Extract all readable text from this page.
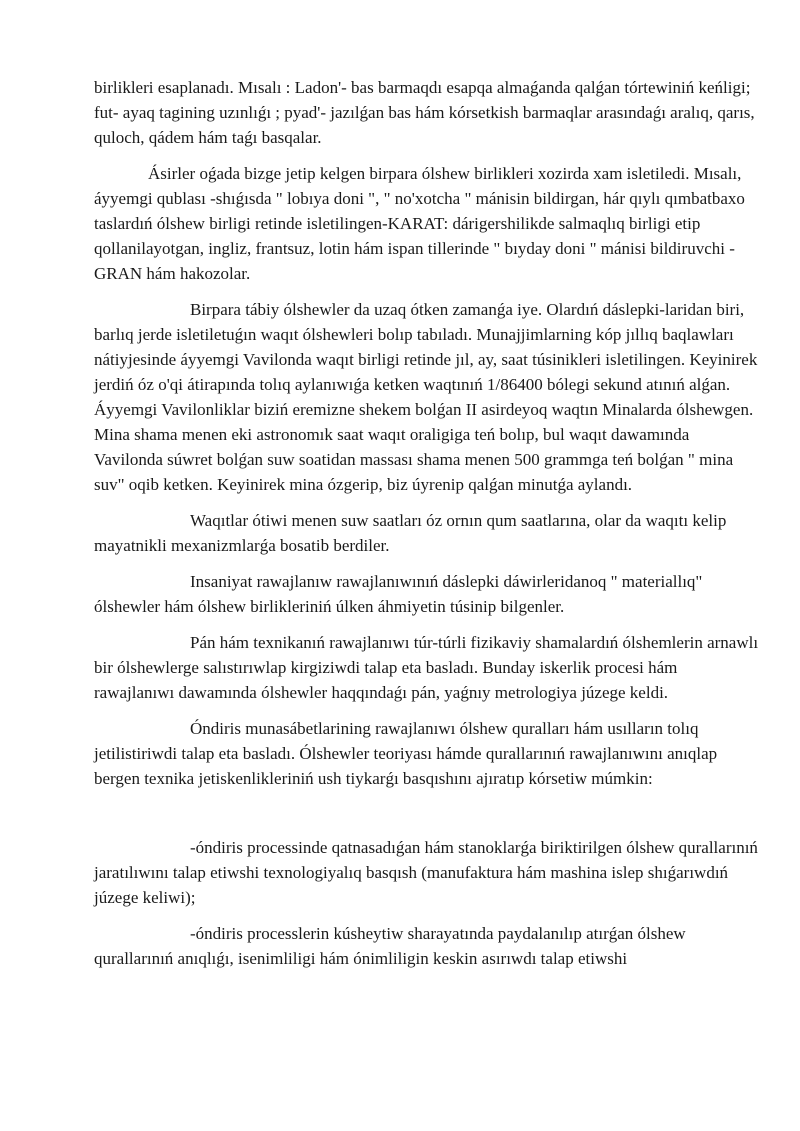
birlikleri esaplanadı. Mısalı : Ladon'- bas barmaqdı esapqa almaǵanda qalǵan tórtewiniń keńligi; fut- ayaq tagining uzınlıǵı ; pyad'- jazılǵan bas hám kórsetkish barmaqlar arasındaǵı aralıq, qarıs, quloch, qádem hám taǵı basqalar.

Ásirler oǵada bizge jetip kelgen birpara ólshew birlikleri xozirda xam isletiledi. Mısalı, áyyemgi qublası -shıǵısda " lobıya doni ", " no'xotcha " mánisin bildirgan, hár qıylı qımbatbaxo taslardıń ólshew birligi retinde isletilingen-KARAT: dárigershilikde salmaqlıq birligi etip qollanilayotgan, ingliz, frantsuz, lotin hám ispan tillerinde " bıyday doni " mánisi bildiruvchi -GRAN hám hakozolar.

Birpara tábiy ólshewler da uzaq ótken zamanǵa iye. Olardıń dáslepki-laridan biri, barlıq jerde isletiletuǵın waqıt ólshewleri bolıp tabıladı. Munajjimlarning kóp jıllıq baqlawları nátiyjesinde áyyemgi Vavilonda waqıt birligi retinde jıl, ay, saat túsinikleri isletilingen. Keyinirek jerdiń óz o'qi átirapında tolıq aylanıwıǵa ketken waqtınıń 1/86400 bólegi sekund atınıń alǵan. Áyyemgi Vavilonliklar biziń eremizne shekem bolǵan II asirdeyoq waqtın Minalarda ólshewgen. Mina shama menen eki astronomık saat waqıt oraligiga teń bolıp, bul waqıt dawamında Vavilonda súwret bolǵan suw soatidan massası shama menen 500 grammga teń bolǵan " mina suv" oqib ketken. Keyinirek mina ózgerip, biz úyrenip qalǵan minutǵa aylandı.

Waqıtlar ótiwi menen suw saatları óz ornın qum saatlarına, olar da waqıtı kelip mayatnikli mexanizmlarǵa bosatib berdiler.

Insaniyat rawajlanıw rawajlanıwınıń dáslepki dáwirleridanoq " materiallıq" ólshewler hám ólshew birlikleriniń úlken áhmiyetin túsinip bilgenler.

Pán hám texnikanıń rawajlanıwı túr-túrli fizikaviy shamalardıń ólshemlerin arnawlı bir ólshewlerge salıstırıwlap kirgiziwdi talap eta basladı. Bunday iskerlik procesi hám rawajlanıwı dawamında ólshewler haqqındaǵı pán, yaǵnıy metrologiya júzege keldi.

Óndiris munasábetlarining rawajlanıwı ólshew quralları hám usılların tolıq jetilistiriwdi talap eta basladı. Ólshewler teoriyası hámde qurallarınıń rawajlanıwını anıqlap bergen texnika jetiskenlikleriniń ush tiykarǵı basqıshını ajıratıp kórsetiw múmkin:

-óndiris processinde qatnasadıǵan hám stanoklarǵa biriktirilgen ólshew qurallarınıń jaratılıwını talap etiwshi texnologiyalıq basqısh (manufaktura hám mashina islep shıǵarıwdıń júzege keliwi);

-óndiris processlerin kúsheytiw sharayatında paydalanılıp atırǵan ólshew qurallarınıń anıqlıǵı, isenimliligi hám ónimliligin keskin asırıwdı talap etiwshi
